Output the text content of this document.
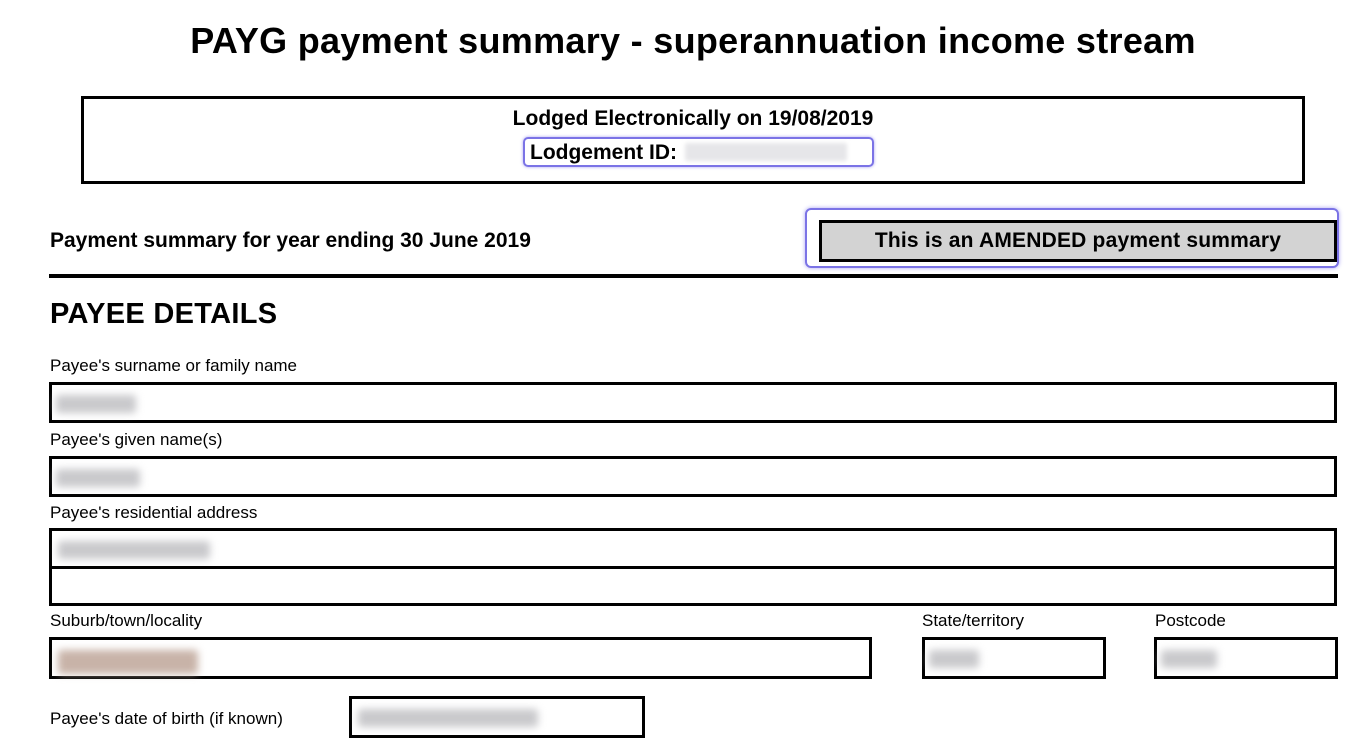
PAYG payment summary - superannuation income stream
Lodged Electronically on 19/08/2019
Lodgement ID:
Payment summary for year ending 30 June 2019	This is an AMENDED payment summary
PAYEE DETAILS
Payee's surname or family name
Payee's given name(s)
Payee's residential address
Suburb/town/locality	State/territory	Postcode
Payee's date of birth (if known)
